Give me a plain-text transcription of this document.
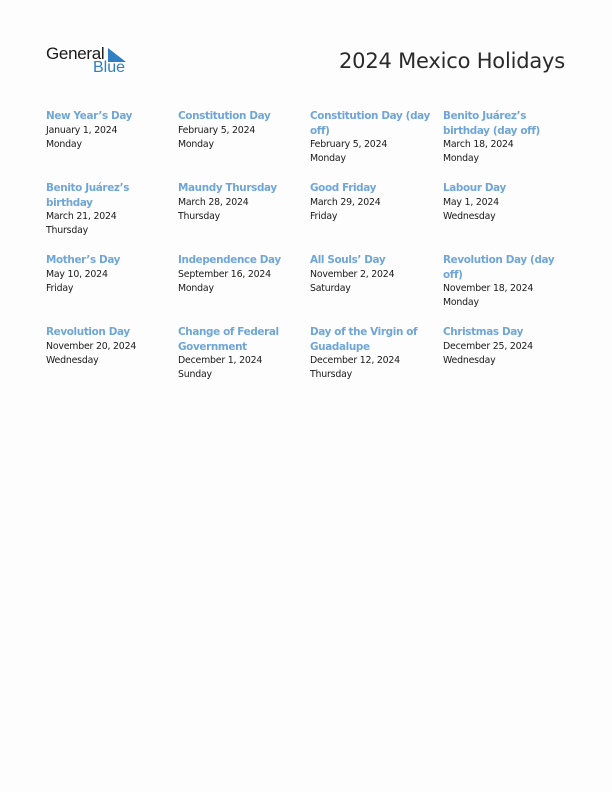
General
Blue	2024 Mexico Holidays
New Year’s Day
January 1, 2024
Monday
Constitution Day
February 5, 2024
Monday
Constitution Day (day off)
February 5, 2024
Monday
Benito Juárez’s birthday (day off)
March 18, 2024
Monday
Benito Juárez’s birthday
March 21, 2024
Thursday
Maundy Thursday
March 28, 2024
Thursday
Good Friday
March 29, 2024
Friday
Labour Day
May 1, 2024
Wednesday
Mother’s Day
May 10, 2024
Friday
Independence Day
September 16, 2024
Monday
All Souls’ Day
November 2, 2024
Saturday
Revolution Day (day off)
November 18, 2024
Monday
Revolution Day
November 20, 2024
Wednesday
Change of Federal Government
December 1, 2024
Sunday
Day of the Virgin of Guadalupe
December 12, 2024
Thursday
Christmas Day
December 25, 2024
Wednesday
